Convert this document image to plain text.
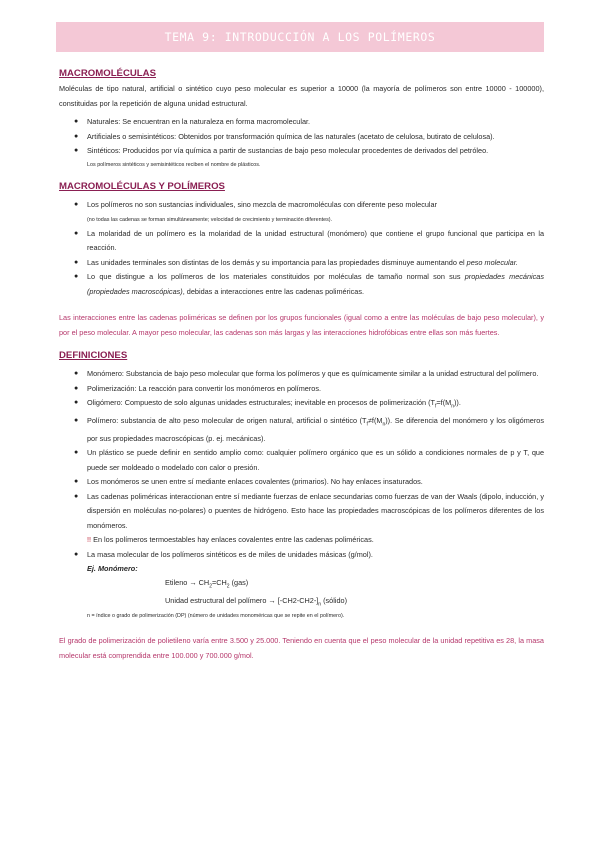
TEMA 9: INTRODUCCIÓN A LOS POLÍMEROS
MACROMOLÉCULAS

Moléculas de tipo natural, artificial o sintético cuyo peso molecular es superior a 10000 (la mayoría de polímeros son entre 10000 - 100000), constituidas por la repetición de alguna unidad estructural.

● Naturales: Se encuentran en la naturaleza en forma macromolecular.
● Artificiales o semisintéticos: Obtenidos por transformación química de las naturales (acetato de celulosa, butirato de celulosa).
● Sintéticos: Producidos por vía química a partir de sustancias de bajo peso molecular procedentes de derivados del petróleo.
Los polímeros sintéticos y semisintéticos reciben el nombre de plásticos.
MACROMOLÉCULAS Y POLÍMEROS
● Los polímeros no son sustancias individuales, sino mezcla de macromoléculas con diferente peso molecular
(no todas las cadenas se forman simultáneamente; velocidad de crecimiento y terminación diferentes).
● La molaridad de un polímero es la molaridad de la unidad estructural (monómero) que contiene el grupo funcional que participa en la reacción.
● Las unidades terminales son distintas de los demás y su importancia para las propiedades disminuye aumentando el peso molecular.
● Lo que distingue a los polímeros de los materiales constituidos por moléculas de tamaño normal son sus propiedades mecánicas (propiedades macroscópicas), debidas a interacciones entre las cadenas poliméricas.

Las interacciones entre las cadenas poliméricas se definen por los grupos funcionales (igual como a entre las moléculas de bajo peso molecular), y por el peso molecular. A mayor peso molecular, las cadenas son más largas y las interacciones hidrofóbicas entre ellas son más fuertes.

DEFINICIONES
● Monómero: Substancia de bajo peso molecular que forma los polímeros y que es químicamente similar a la unidad estructural del polímero.
● Polimerización: La reacción para convertir los monómeros en polímeros.
● Oligómero: Compuesto de solo algunas unidades estructurales; inevitable en procesos de polimerización $(T_f=f(M_n))$.
● Polímero: substancia de alto peso molecular de origen natural, artificial o sintético $(T_f\ne f(M_n))$. Se diferencia del monómero y los oligómeros por sus propiedades macroscópicas (p. ej. mecánicas).
● Un plástico se puede definir en sentido amplio como: cualquier polímero orgánico que es un sólido a condiciones normales de p y T, que puede ser moldeado o modelado con calor o presión.
● Los monómeros se unen entre sí mediante enlaces covalentes (primarios). No hay enlaces insaturados.
● Las cadenas poliméricas interaccionan entre sí mediante fuerzas de enlace secundarias como fuerzas de van der Waals (dipolo, inducción, y dispersión en moléculas no-polares) o puentes de hidrógeno. Esto hace las propiedades macroscópicas de los polímeros diferentes de los monómeros.
!! En los polímeros termoestables hay enlaces covalentes entre las cadenas poliméricas.
● La masa molecular de los polímeros sintéticos es de miles de unidades másicas (g/mol).
Ej. Monómero:
Etileno → $CH_2=CH_2$ (gas)
Unidad estructural del polímero → $[-CH2-CH2-]_n$ (sólido)
n = índice o grado de polimerización (DP) (número de unidades monoméricas que se repite en el polímero).

El grado de polimerización de polietileno varía entre 3.500 y 25.000. Teniendo en cuenta que el peso molecular de la unidad repetitiva es 28, la masa molecular está comprendida entre 100.000 y 700.000 g/mol.
